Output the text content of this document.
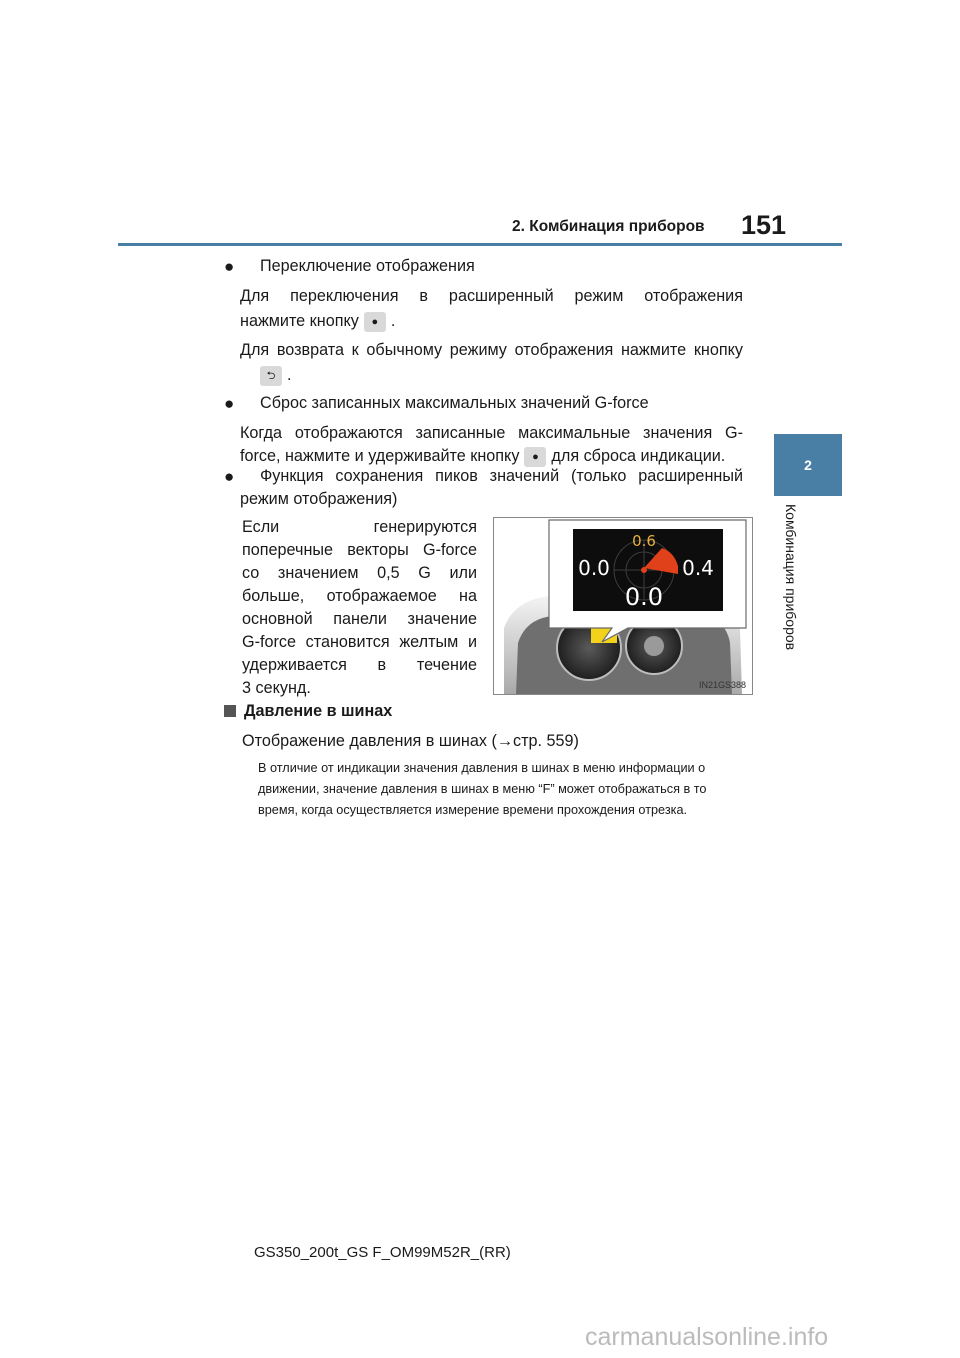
2. Комбинация приборов 151
2
Комбинация приборов
● Переключение отображения
Для переключения в расширенный режим отображения
нажмите кнопку ● .
Для возврата к обычному режиму отображения нажмите кнопку
⮌ .
● Сброс записанных максимальных значений G-force
Когда отображаются записанные максимальные значения G-
force, нажмите и удерживайте кнопку ● для сброса индикации.
● Функция сохранения пиков значений (только расширенный
режим отображения)
Если генерируются
поперечные векторы G-force
со значением 0,5 G или
больше, отображаемое на
основной панели значение
G-force становится желтым и
удерживается в течение
3 секунд.
0.6
0.0	0.4
0.0
IN21GS388
Давление в шинах
Отображение давления в шинах (→стр. 559)
В отличие от индикации значения давления в шинах в меню информации о
движении, значение давления в шинах в меню “F” может отображаться в то
время, когда осуществляется измерение времени прохождения отрезка.
GS350_200t_GS F_OM99M52R_(RR)
carmanualsonline.info
